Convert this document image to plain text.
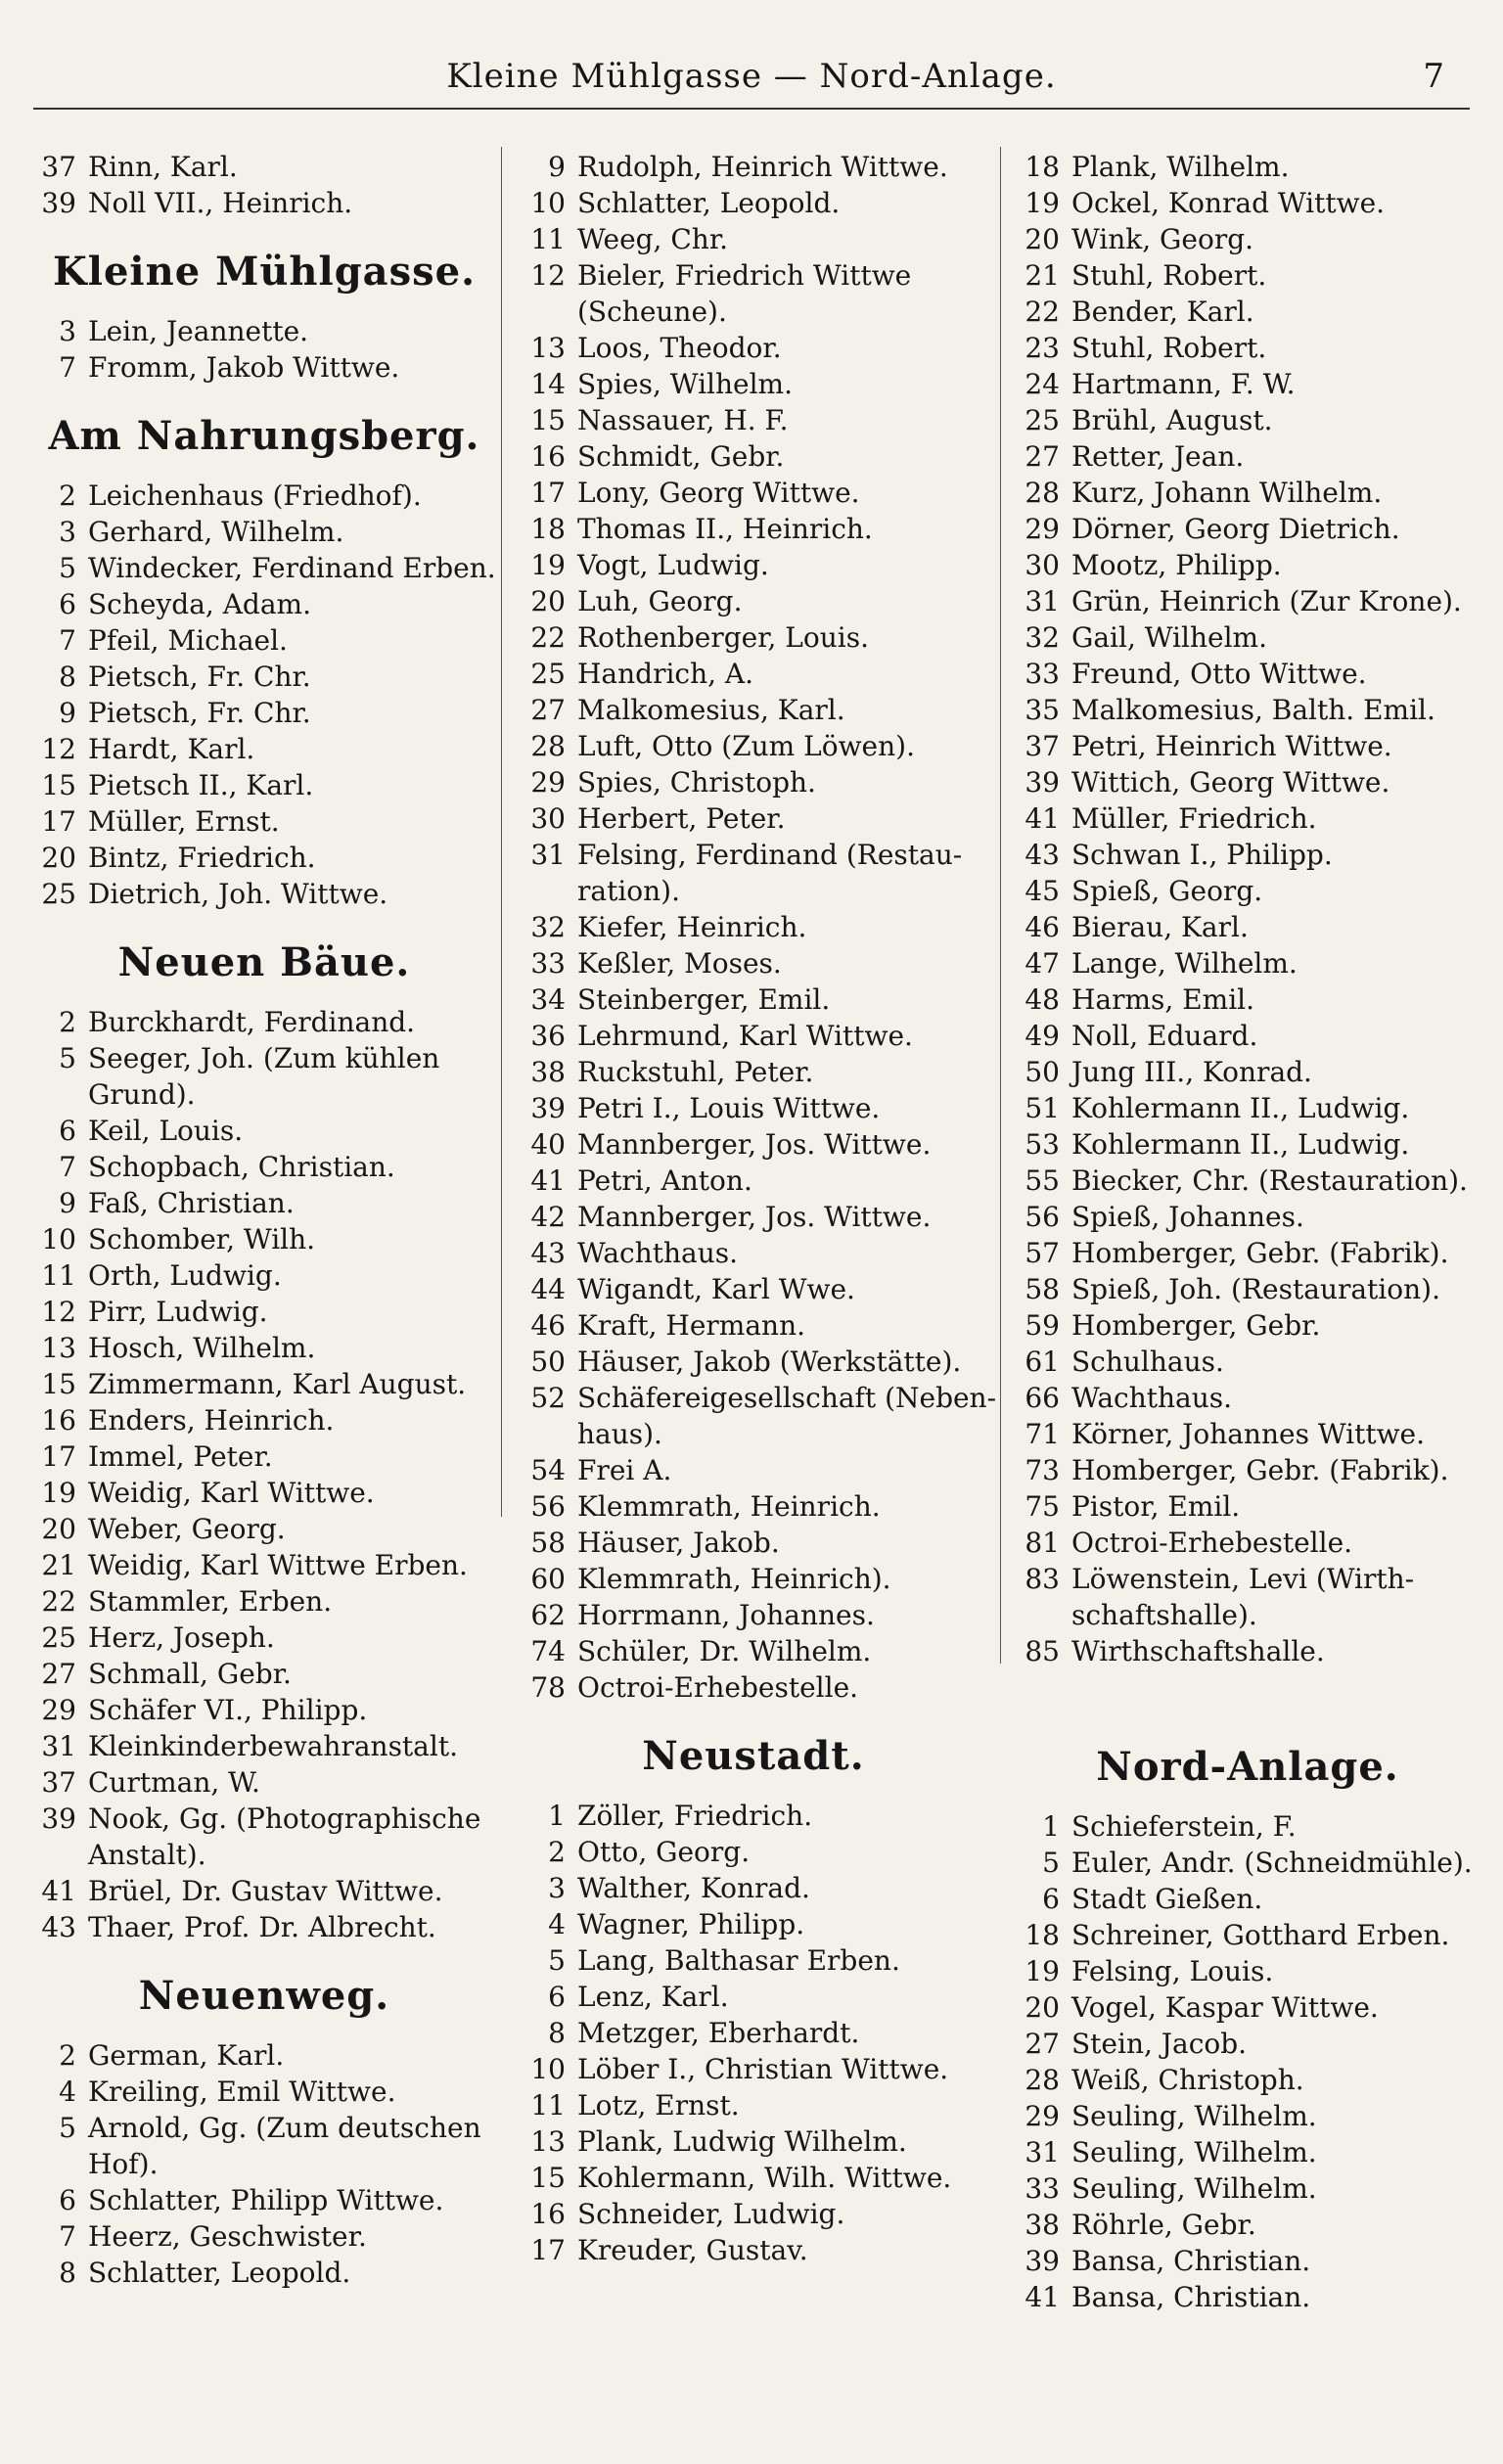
Kleine Mühlgasse — Nord-Anlage.	7
37 Rinn, Karl.
39 Noll VII., Heinrich.
Kleine Mühlgasse.
3 Lein, Jeannette.
7 Fromm, Jakob Wittwe.
Am Nahrungsberg.
2 Leichenhaus (Friedhof).
3 Gerhard, Wilhelm.
5 Windecker, Ferdinand Erben.
6 Scheyda, Adam.
7 Pfeil, Michael.
8 Pietsch, Fr. Chr.
9 Pietsch, Fr. Chr.
12 Hardt, Karl.
15 Pietsch II., Karl.
17 Müller, Ernst.
20 Bintz, Friedrich.
25 Dietrich, Joh. Wittwe.
Neuen Bäue.
2 Burckhardt, Ferdinand.
5 Seeger, Joh. (Zum kühlen
Grund).
6 Keil, Louis.
7 Schopbach, Christian.
9 Faß, Christian.
10 Schomber, Wilh.
11 Orth, Ludwig.
12 Pirr, Ludwig.
13 Hosch, Wilhelm.
15 Zimmermann, Karl August.
16 Enders, Heinrich.
17 Immel, Peter.
19 Weidig, Karl Wittwe.
20 Weber, Georg.
21 Weidig, Karl Wittwe Erben.
22 Stammler, Erben.
25 Herz, Joseph.
27 Schmall, Gebr.
29 Schäfer VI., Philipp.
31 Kleinkinderbewahranstalt.
37 Curtman, W.
39 Nook, Gg. (Photographische
Anstalt).
41 Brüel, Dr. Gustav Wittwe.
43 Thaer, Prof. Dr. Albrecht.
Neuenweg.
2 German, Karl.
4 Kreiling, Emil Wittwe.
5 Arnold, Gg. (Zum deutschen
Hof).
6 Schlatter, Philipp Wittwe.
7 Heerz, Geschwister.
8 Schlatter, Leopold.
9 Rudolph, Heinrich Wittwe.
10 Schlatter, Leopold.
11 Weeg, Chr.
12 Bieler, Friedrich Wittwe
(Scheune).
13 Loos, Theodor.
14 Spies, Wilhelm.
15 Nassauer, H. F.
16 Schmidt, Gebr.
17 Lony, Georg Wittwe.
18 Thomas II., Heinrich.
19 Vogt, Ludwig.
20 Luh, Georg.
22 Rothenberger, Louis.
25 Handrich, A.
27 Malkomesius, Karl.
28 Luft, Otto (Zum Löwen).
29 Spies, Christoph.
30 Herbert, Peter.
31 Felsing, Ferdinand (Restau-
ration).
32 Kiefer, Heinrich.
33 Keßler, Moses.
34 Steinberger, Emil.
36 Lehrmund, Karl Wittwe.
38 Ruckstuhl, Peter.
39 Petri I., Louis Wittwe.
40 Mannberger, Jos. Wittwe.
41 Petri, Anton.
42 Mannberger, Jos. Wittwe.
43 Wachthaus.
44 Wigandt, Karl Wwe.
46 Kraft, Hermann.
50 Häuser, Jakob (Werkstätte).
52 Schäfereigesellschaft (Neben-
haus).
54 Frei A.
56 Klemmrath, Heinrich.
58 Häuser, Jakob.
60 Klemmrath, Heinrich).
62 Horrmann, Johannes.
74 Schüler, Dr. Wilhelm.
78 Octroi-Erhebestelle.
Neustadt.
1 Zöller, Friedrich.
2 Otto, Georg.
3 Walther, Konrad.
4 Wagner, Philipp.
5 Lang, Balthasar Erben.
6 Lenz, Karl.
8 Metzger, Eberhardt.
10 Löber I., Christian Wittwe.
11 Lotz, Ernst.
13 Plank, Ludwig Wilhelm.
15 Kohlermann, Wilh. Wittwe.
16 Schneider, Ludwig.
17 Kreuder, Gustav.
18 Plank, Wilhelm.
19 Ockel, Konrad Wittwe.
20 Wink, Georg.
21 Stuhl, Robert.
22 Bender, Karl.
23 Stuhl, Robert.
24 Hartmann, F. W.
25 Brühl, August.
27 Retter, Jean.
28 Kurz, Johann Wilhelm.
29 Dörner, Georg Dietrich.
30 Mootz, Philipp.
31 Grün, Heinrich (Zur Krone).
32 Gail, Wilhelm.
33 Freund, Otto Wittwe.
35 Malkomesius, Balth. Emil.
37 Petri, Heinrich Wittwe.
39 Wittich, Georg Wittwe.
41 Müller, Friedrich.
43 Schwan I., Philipp.
45 Spieß, Georg.
46 Bierau, Karl.
47 Lange, Wilhelm.
48 Harms, Emil.
49 Noll, Eduard.
50 Jung III., Konrad.
51 Kohlermann II., Ludwig.
53 Kohlermann II., Ludwig.
55 Biecker, Chr. (Restauration).
56 Spieß, Johannes.
57 Homberger, Gebr. (Fabrik).
58 Spieß, Joh. (Restauration).
59 Homberger, Gebr.
61 Schulhaus.
66 Wachthaus.
71 Körner, Johannes Wittwe.
73 Homberger, Gebr. (Fabrik).
75 Pistor, Emil.
81 Octroi-Erhebestelle.
83 Löwenstein, Levi (Wirth-
schaftshalle).
85 Wirthschaftshalle.
Nord-Anlage.
1 Schieferstein, F.
5 Euler, Andr. (Schneidmühle).
6 Stadt Gießen.
18 Schreiner, Gotthard Erben.
19 Felsing, Louis.
20 Vogel, Kaspar Wittwe.
27 Stein, Jacob.
28 Weiß, Christoph.
29 Seuling, Wilhelm.
31 Seuling, Wilhelm.
33 Seuling, Wilhelm.
38 Röhrle, Gebr.
39 Bansa, Christian.
41 Bansa, Christian.
